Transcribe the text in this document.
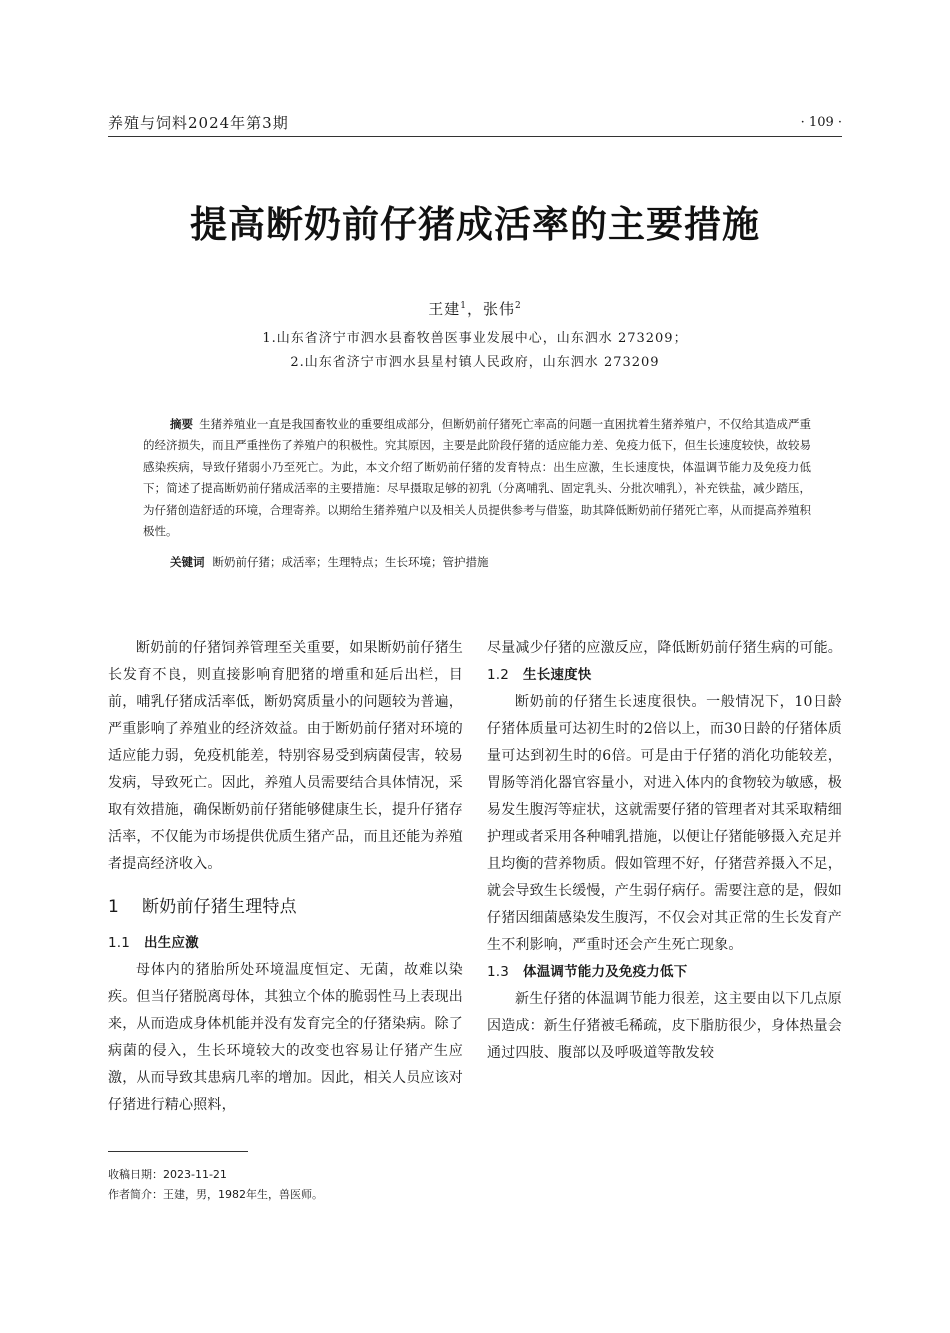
养殖与饲料2024年第3期	· 109 ·
提高断奶前仔猪成活率的主要措施
王建$^1$，张伟$^2$
1.山东省济宁市泗水县畜牧兽医事业发展中心，山东泗水 273209；
2.山东省济宁市泗水县星村镇人民政府，山东泗水 273209
摘要 生猪养殖业一直是我国畜牧业的重要组成部分，但断奶前仔猪死亡率高的问题一直困扰着生猪养殖户，不仅给其造成严重的经济损失，而且严重挫伤了养殖户的积极性。究其原因，主要是此阶段仔猪的适应能力差、免疫力低下，但生长速度较快，故较易感染疾病，导致仔猪弱小乃至死亡。为此，本文介绍了断奶前仔猪的发育特点：出生应激，生长速度快，体温调节能力及免疫力低下；简述了提高断奶前仔猪成活率的主要措施：尽早摄取足够的初乳（分离哺乳、固定乳头、分批次哺乳），补充铁盐，减少踏压，为仔猪创造舒适的环境，合理寄养。以期给生猪养殖户以及相关人员提供参考与借鉴，助其降低断奶前仔猪死亡率，从而提高养殖积极性。
关键词 断奶前仔猪；成活率；生理特点；生长环境；管护措施

断奶前的仔猪饲养管理至关重要，如果断奶前仔猪生长发育不良，则直接影响育肥猪的增重和延后出栏，目前，哺乳仔猪成活率低，断奶窝质量小的问题较为普遍，严重影响了养殖业的经济效益。由于断奶前仔猪对环境的适应能力弱，免疫机能差，特别容易受到病菌侵害，较易发病，导致死亡。因此，养殖人员需要结合具体情况，采取有效措施，确保断奶前仔猪能够健康生长，提升仔猪存活率，不仅能为市场提供优质生猪产品，而且还能为养殖者提高经济收入。

1 断奶前仔猪生理特点
1.1 出生应激

母体内的猪胎所处环境温度恒定、无菌，故难以染疾。但当仔猪脱离母体，其独立个体的脆弱性马上表现出来，从而造成身体机能并没有发育完全的仔猪染病。除了病菌的侵入，生长环境较大的改变也容易让仔猪产生应激，从而导致其患病几率的增加。因此，相关人员应该对仔猪进行精心照料，

尽量减少仔猪的应激反应，降低断奶前仔猪生病的可能。

1.2 生长速度快

断奶前的仔猪生长速度很快。一般情况下，10日龄仔猪体质量可达初生时的2倍以上，而30日龄的仔猪体质量可达到初生时的6倍。可是由于仔猪的消化功能较差，胃肠等消化器官容量小，对进入体内的食物较为敏感，极易发生腹泻等症状，这就需要仔猪的管理者对其采取精细护理或者采用各种哺乳措施，以便让仔猪能够摄入充足并且均衡的营养物质。假如管理不好，仔猪营养摄入不足，就会导致生长缓慢，产生弱仔病仔。需要注意的是，假如仔猪因细菌感染发生腹泻，不仅会对其正常的生长发育产生不利影响，严重时还会产生死亡现象。

1.3 体温调节能力及免疫力低下

新生仔猪的体温调节能力很差，这主要由以下几点原因造成：新生仔猪被毛稀疏，皮下脂肪很少，身体热量会通过四肢、腹部以及呼吸道等散发较

收稿日期：2023-11-21
作者简介：王建，男，1982年生，兽医师。
